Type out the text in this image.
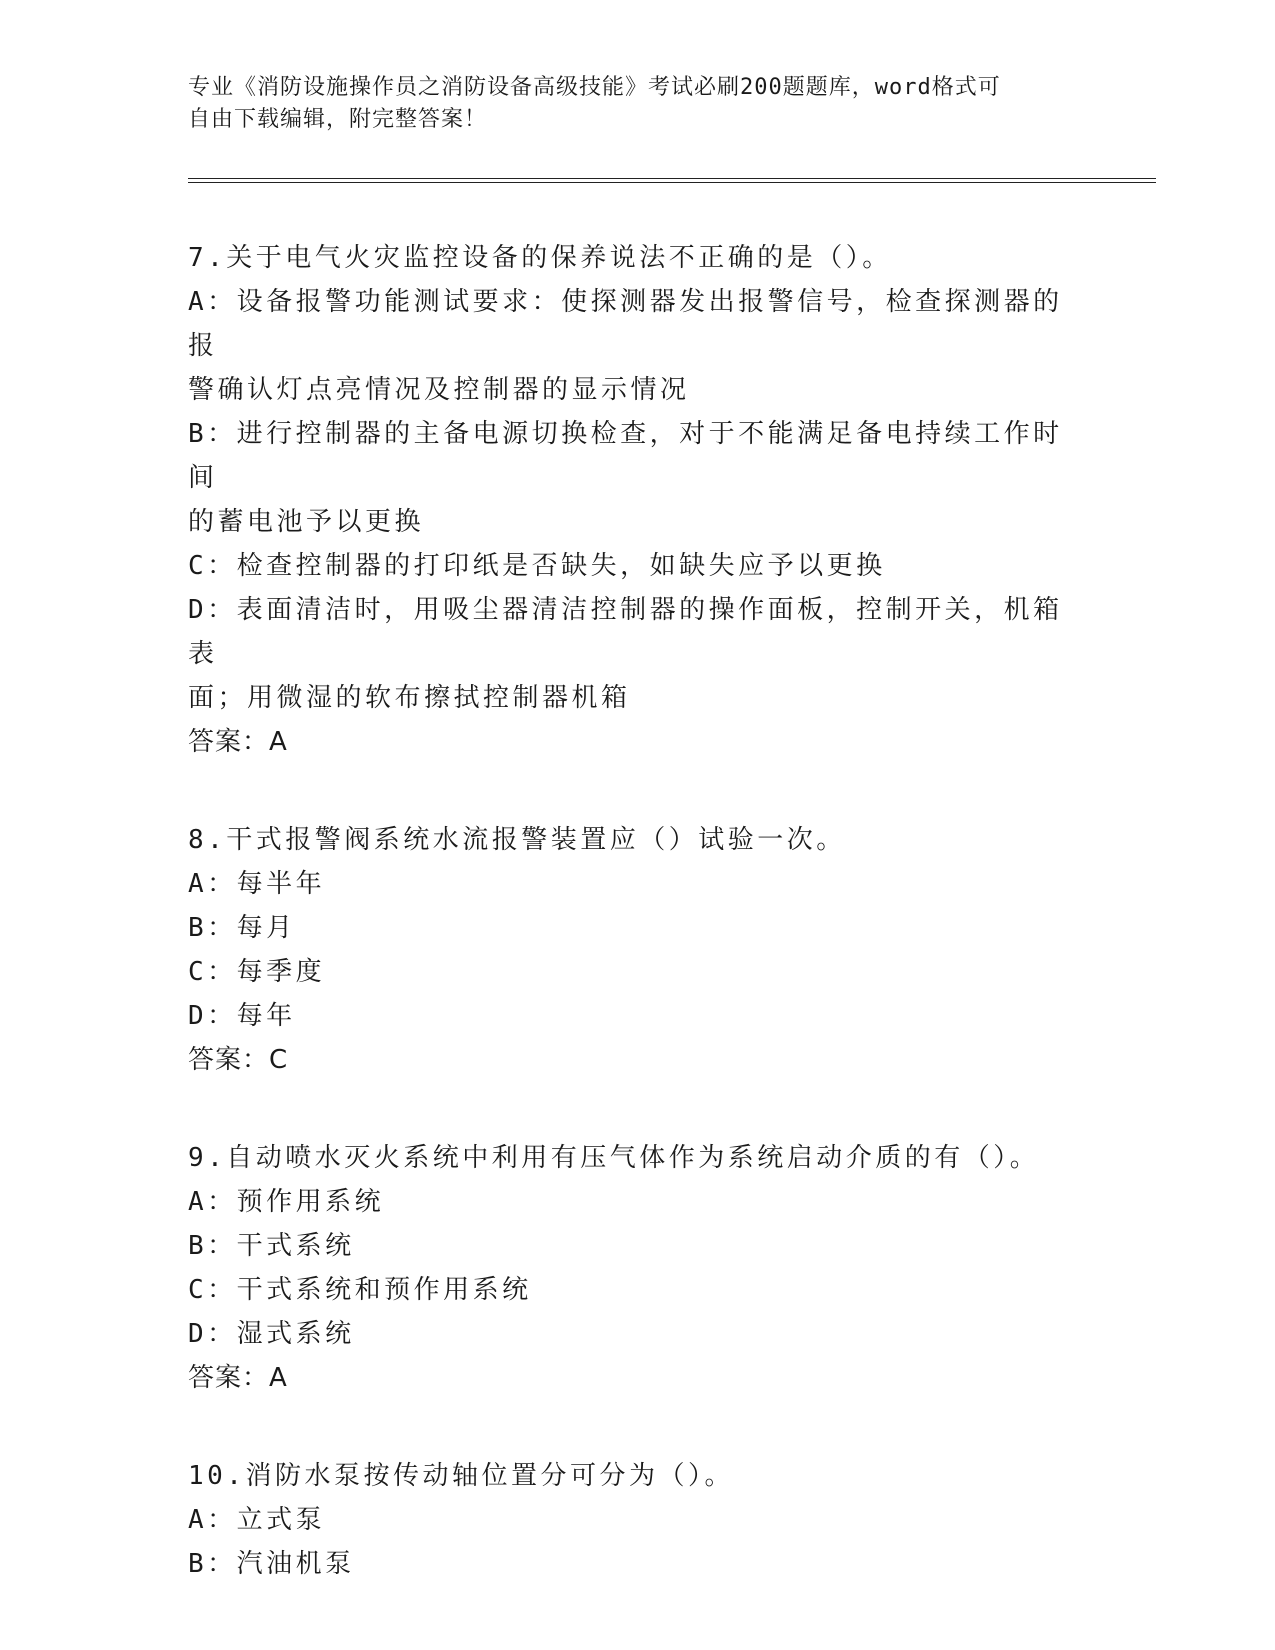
专业《消防设施操作员之消防设备高级技能》考试必刷200题题库，word格式可
自由下载编辑，附完整答案！

7.关于电气火灾监控设备的保养说法不正确的是（）。

A：设备报警功能测试要求：使探测器发出报警信号，检查探测器的报
警确认灯点亮情况及控制器的显示情况
B：进行控制器的主备电源切换检查，对于不能满足备电持续工作时间
的蓄电池予以更换
C：检查控制器的打印纸是否缺失，如缺失应予以更换
D：表面清洁时，用吸尘器清洁控制器的操作面板，控制开关，机箱表
面；用微湿的软布擦拭控制器机箱

答案：A

8.干式报警阀系统水流报警装置应（）试验一次。

A：每半年
B：每月
C：每季度
D：每年

答案：C

9.自动喷水灭火系统中利用有压气体作为系统启动介质的有（）。

A：预作用系统
B：干式系统
C：干式系统和预作用系统
D：湿式系统

答案：A

10.消防水泵按传动轴位置分可分为（）。

A：立式泵
B：汽油机泵
